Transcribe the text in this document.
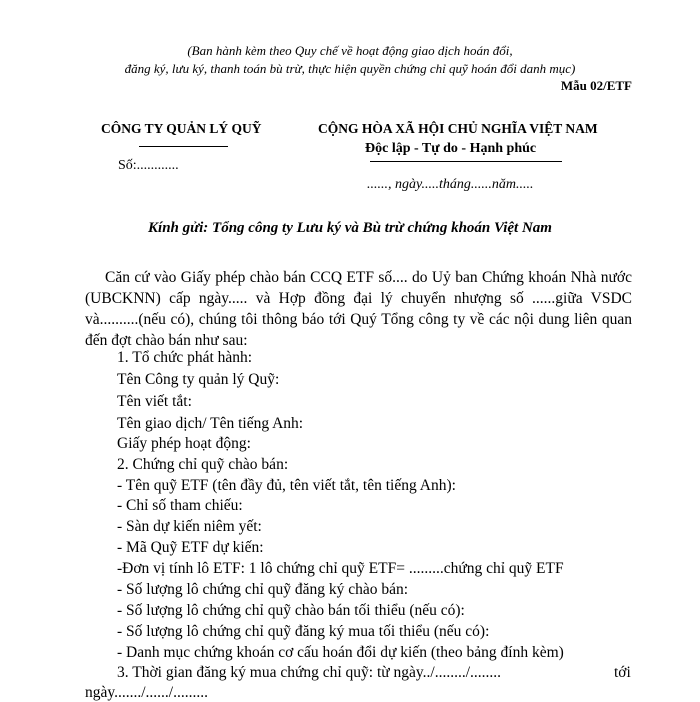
(Ban hành kèm theo Quy chế về hoạt động giao dịch hoán đổi,
đăng ký, lưu ký, thanh toán bù trừ, thực hiện quyền chứng chỉ quỹ hoán đổi danh mục)
Mẫu 02/ETF
CÔNG TY QUẢN LÝ QUỸ
Số:............
CỘNG HÒA XÃ HỘI CHỦ NGHĨA VIỆT NAM
Độc lập - Tự do - Hạnh phúc
......, ngày.....tháng......năm.....
Kính gửi: Tổng công ty Lưu ký và Bù trừ chứng khoán Việt Nam
Căn cứ vào Giấy phép chào bán CCQ ETF số.... do Uỷ ban Chứng khoán Nhà nước (UBCKNN) cấp ngày..... và Hợp đồng đại lý chuyển nhượng số ......giữa VSDC và..........(nếu có), chúng tôi thông báo tới Quý Tổng công ty về các nội dung liên quan đến đợt chào bán như sau:
1. Tổ chức phát hành:
Tên Công ty quản lý Quỹ:
Tên viết tắt:
Tên giao dịch/ Tên tiếng Anh:
Giấy phép hoạt động:
2. Chứng chỉ quỹ chào bán:
- Tên quỹ ETF (tên đầy đủ, tên viết tắt, tên tiếng Anh):
- Chỉ số tham chiếu:
- Sàn dự kiến niêm yết:
- Mã Quỹ ETF dự kiến:
-Đơn vị tính lô ETF: 1 lô chứng chỉ quỹ ETF= .........chứng chỉ quỹ ETF
- Số lượng lô chứng chỉ quỹ đăng ký chào bán:
- Số lượng lô chứng chỉ quỹ chào bán tối thiểu (nếu có):
- Số lượng lô chứng chỉ quỹ đăng ký mua tối thiểu (nếu có):
- Danh mục chứng khoán cơ cấu hoán đổi dự kiến (theo bảng đính kèm)
3. Thời gian đăng ký mua chứng chỉ quỹ: từ ngày../......../........	tới
ngày......./....../.........
